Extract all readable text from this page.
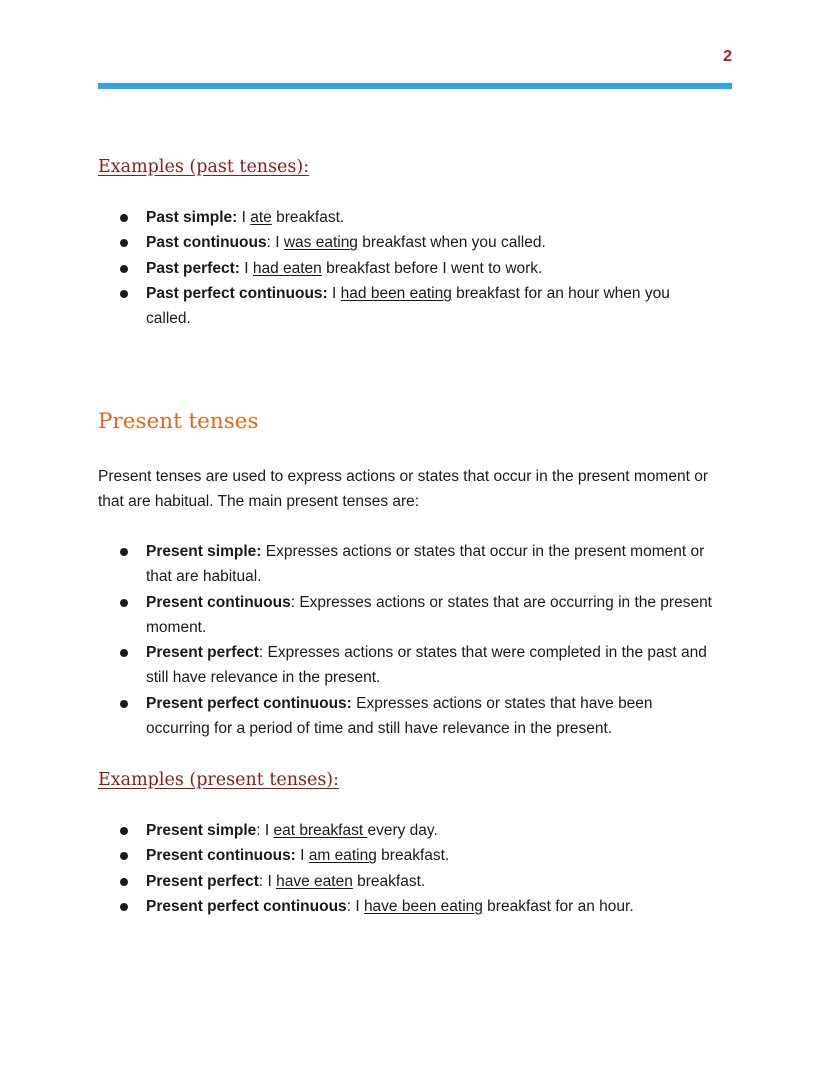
2
Examples (past tenses):
Past simple: I ate breakfast.
Past continuous: I was eating breakfast when you called.
Past perfect: I had eaten breakfast before I went to work.
Past perfect continuous: I had been eating breakfast for an hour when you called.
Present tenses

Present tenses are used to express actions or states that occur in the present moment or that are habitual. The main present tenses are:

Present simple: Expresses actions or states that occur in the present moment or that are habitual.
Present continuous: Expresses actions or states that are occurring in the present moment.
Present perfect: Expresses actions or states that were completed in the past and still have relevance in the present.
Present perfect continuous: Expresses actions or states that have been occurring for a period of time and still have relevance in the present.
Examples (present tenses):
Present simple: I eat breakfast every day.
Present continuous: I am eating breakfast.
Present perfect: I have eaten breakfast.
Present perfect continuous: I have been eating breakfast for an hour.
